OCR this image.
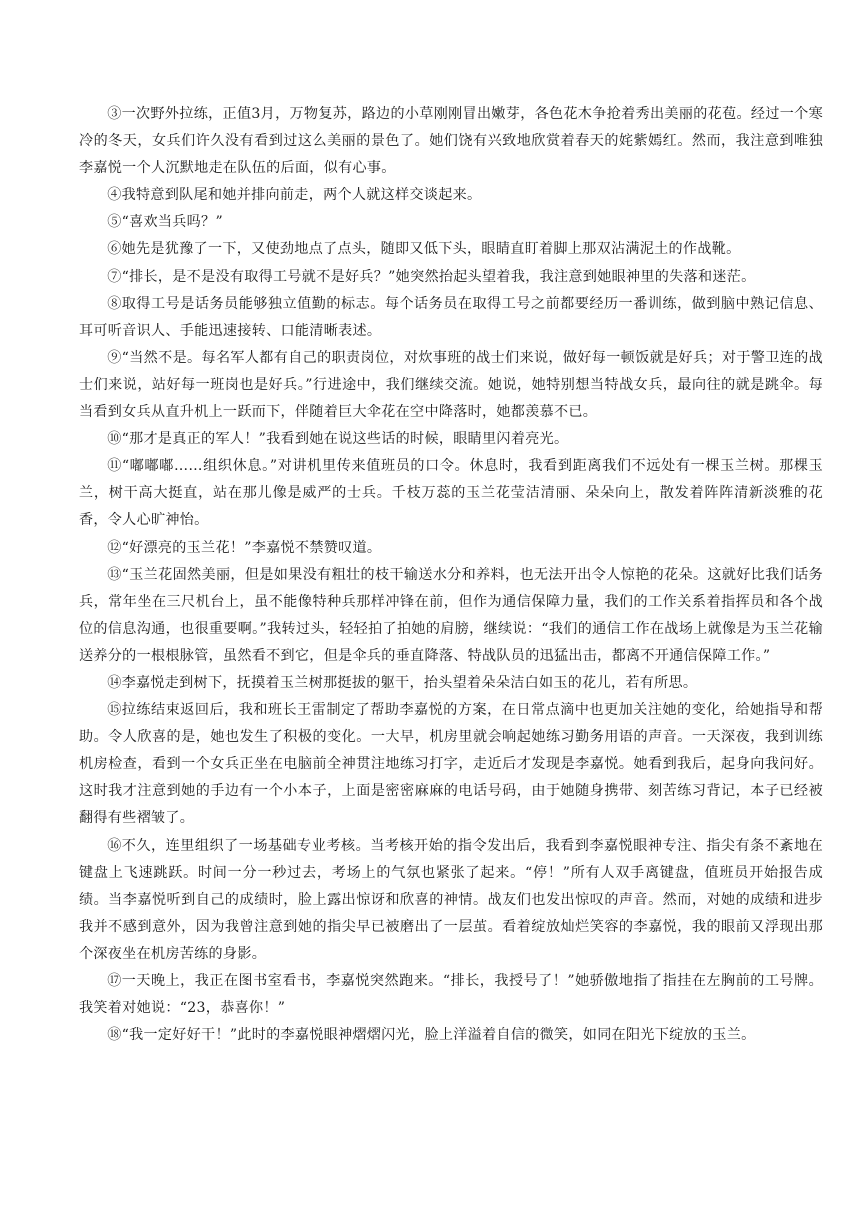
③一次野外拉练，正值3月，万物复苏，路边的小草刚刚冒出嫩芽，各色花木争抢着秀出美丽的花苞。经过一个寒冷的冬天，女兵们许久没有看到过这么美丽的景色了。她们饶有兴致地欣赏着春天的姹紫嫣红。然而，我注意到唯独李嘉悦一个人沉默地走在队伍的后面，似有心事。

④我特意到队尾和她并排向前走，两个人就这样交谈起来。

⑤“喜欢当兵吗？”

⑥她先是犹豫了一下，又使劲地点了点头，随即又低下头，眼睛直盯着脚上那双沾满泥土的作战靴。

⑦“排长，是不是没有取得工号就不是好兵？”她突然抬起头望着我，我注意到她眼神里的失落和迷茫。

⑧取得工号是话务员能够独立值勤的标志。每个话务员在取得工号之前都要经历一番训练，做到脑中熟记信息、耳可听音识人、手能迅速接转、口能清晰表述。

⑨“当然不是。每名军人都有自己的职责岗位，对炊事班的战士们来说，做好每一顿饭就是好兵；对于警卫连的战士们来说，站好每一班岗也是好兵。”行进途中，我们继续交流。她说，她特别想当特战女兵，最向往的就是跳伞。每当看到女兵从直升机上一跃而下，伴随着巨大伞花在空中降落时，她都羡慕不已。

⑩“那才是真正的军人！”我看到她在说这些话的时候，眼睛里闪着亮光。

⑪“嘟嘟嘟……组织休息。”对讲机里传来值班员的口令。休息时，我看到距离我们不远处有一棵玉兰树。那棵玉兰，树干高大挺直，站在那儿像是威严的士兵。千枝万蕊的玉兰花莹洁清丽、朵朵向上，散发着阵阵清新淡雅的花香，令人心旷神怡。

⑫“好漂亮的玉兰花！”李嘉悦不禁赞叹道。

⑬“玉兰花固然美丽，但是如果没有粗壮的枝干输送水分和养料，也无法开出令人惊艳的花朵。这就好比我们话务兵，常年坐在三尺机台上，虽不能像特种兵那样冲锋在前，但作为通信保障力量，我们的工作关系着指挥员和各个战位的信息沟通，也很重要啊。”我转过头，轻轻拍了拍她的肩膀，继续说：“我们的通信工作在战场上就像是为玉兰花输送养分的一根根脉管，虽然看不到它，但是伞兵的垂直降落、特战队员的迅猛出击，都离不开通信保障工作。”

⑭李嘉悦走到树下，抚摸着玉兰树那挺拔的躯干，抬头望着朵朵洁白如玉的花儿，若有所思。

⑮拉练结束返回后，我和班长王雷制定了帮助李嘉悦的方案，在日常点滴中也更加关注她的变化，给她指导和帮助。令人欣喜的是，她也发生了积极的变化。一大早，机房里就会响起她练习勤务用语的声音。一天深夜，我到训练机房检查，看到一个女兵正坐在电脑前全神贯注地练习打字，走近后才发现是李嘉悦。她看到我后，起身向我问好。这时我才注意到她的手边有一个小本子，上面是密密麻麻的电话号码，由于她随身携带、刻苦练习背记，本子已经被翻得有些褶皱了。

⑯不久，连里组织了一场基础专业考核。当考核开始的指令发出后，我看到李嘉悦眼神专注、指尖有条不紊地在键盘上飞速跳跃。时间一分一秒过去，考场上的气氛也紧张了起来。“停！”所有人双手离键盘，值班员开始报告成绩。当李嘉悦听到自己的成绩时，脸上露出惊讶和欣喜的神情。战友们也发出惊叹的声音。然而，对她的成绩和进步我并不感到意外，因为我曾注意到她的指尖早已被磨出了一层茧。看着绽放灿烂笑容的李嘉悦，我的眼前又浮现出那个深夜坐在机房苦练的身影。

⑰一天晚上，我正在图书室看书，李嘉悦突然跑来。“排长，我授号了！”她骄傲地指了指挂在左胸前的工号牌。我笑着对她说：“23，恭喜你！”

⑱“我一定好好干！”此时的李嘉悦眼神熠熠闪光，脸上洋溢着自信的微笑，如同在阳光下绽放的玉兰。
